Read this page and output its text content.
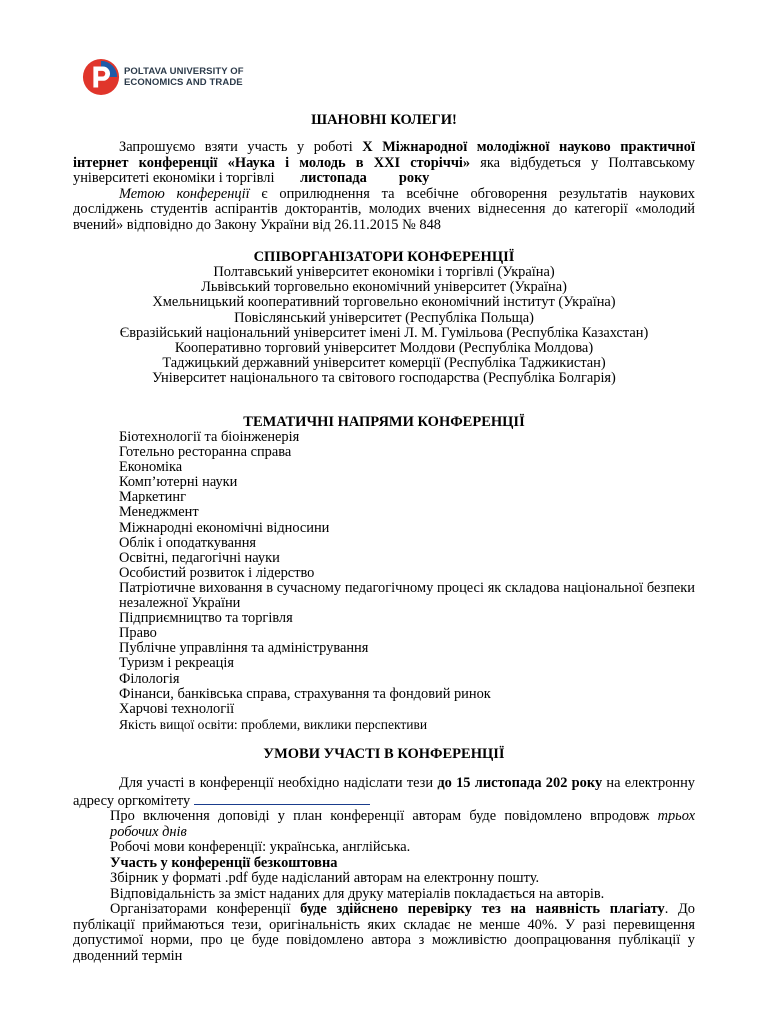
POLTAVA UNIVERSITY OF
ECONOMICS AND TRADE
ШАНОВНІ КОЛЕГИ!
Запрошуємо взяти участь у роботі Х Міжнародної молодіжної науково практичної інтернет конференції «Наука і молодь в ХХІ сторіччі» яка відбудеться у Полтавському університеті економіки і торгівлі листопада року
Метою конференції є оприлюднення та всебічне обговорення результатів наукових досліджень студентів аспірантів докторантів, молодих вчених віднесення до категорії «молодий вчений» відповідно до Закону України від 26.11.2015 № 848
СПІВОРГАНІЗАТОРИ КОНФЕРЕНЦІЇ
Полтавський університет економіки і торгівлі (Україна)
Львівський торговельно економічний університет (Україна)
Хмельницький кооперативний торговельно економічний інститут (Україна)
Повіслянський університет (Республіка Польща)
Євразійський національний університет імені Л. М. Гумільова (Республіка Казахстан)
Кооперативно торговий університет Молдови (Республіка Молдова)
Таджицький державний університет комерції (Республіка Таджикистан)
Університет національного та світового господарства (Республіка Болгарія)
ТЕМАТИЧНІ НАПРЯМИ КОНФЕРЕНЦІЇ
Біотехнології та біоінженерія
Готельно ресторанна справа
Економіка
Комп’ютерні науки
Маркетинг
Менеджмент
Міжнародні економічні відносини
Облік і оподаткування
Освітні, педагогічні науки
Особистий розвиток і лідерство
Патріотичне виховання в сучасному педагогічному процесі як складова національної безпеки незалежної України
Підприємництво та торгівля
Право
Публічне управління та адміністрування
Туризм і рекреація
Філологія
Фінанси, банківська справа, страхування та фондовий ринок
Харчові технології
Якість вищої освіти: проблеми, виклики перспективи
УМОВИ УЧАСТІ В КОНФЕРЕНЦІЇ
Для участі в конференції необхідно надіслати тези до 15 листопада 202 року на електронну адресу оргкомітету
Про включення доповіді у план конференції авторам буде повідомлено впродовж трьох робочих днів
Робочі мови конференції: українська, англійська.
Участь у конференції безкоштовна
Збірник у форматі .pdf буде надісланий авторам на електронну пошту.
Відповідальність за зміст наданих для друку матеріалів покладається на авторів.
Організаторами конференції буде здійснено перевірку тез на наявність плагіату. До публікації приймаються тези, оригінальність яких складає не менше 40%. У разі перевищення допустимої норми, про це буде повідомлено автора з можливістю доопрацювання публікації у дводенний термін
